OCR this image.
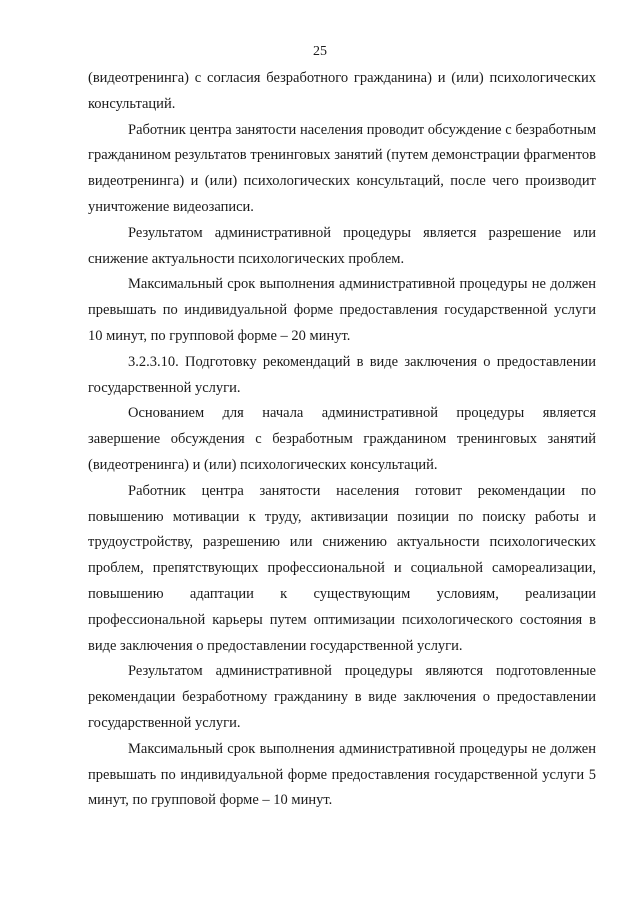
25

(видеотренинга) с согласия безработного гражданина) и (или) психологических консультаций.

Работник центра занятости населения проводит обсуждение с безработным гражданином результатов тренинговых занятий (путем демонстрации фрагментов видеотренинга) и (или) психологических консультаций, после чего производит уничтожение видеозаписи.

Результатом административной процедуры является разрешение или снижение актуальности психологических проблем.

Максимальный срок выполнения административной процедуры не должен превышать по индивидуальной форме предоставления государственной услуги 10 минут, по групповой форме – 20 минут.

3.2.3.10. Подготовку рекомендаций в виде заключения о предоставлении государственной услуги.

Основанием для начала административной процедуры является завершение обсуждения с безработным гражданином тренинговых занятий (видеотренинга) и (или) психологических консультаций.

Работник центра занятости населения готовит рекомендации по повышению мотивации к труду, активизации позиции по поиску работы и трудоустройству, разрешению или снижению актуальности психологических проблем, препятствующих профессиональной и социальной самореализации, повышению адаптации к существующим условиям, реализации профессиональной карьеры путем оптимизации психологического состояния в виде заключения о предоставлении государственной услуги.

Результатом административной процедуры являются подготовленные рекомендации безработному гражданину в виде заключения о предоставлении государственной услуги.

Максимальный срок выполнения административной процедуры не должен превышать по индивидуальной форме предоставления государственной услуги 5 минут, по групповой форме – 10 минут.
